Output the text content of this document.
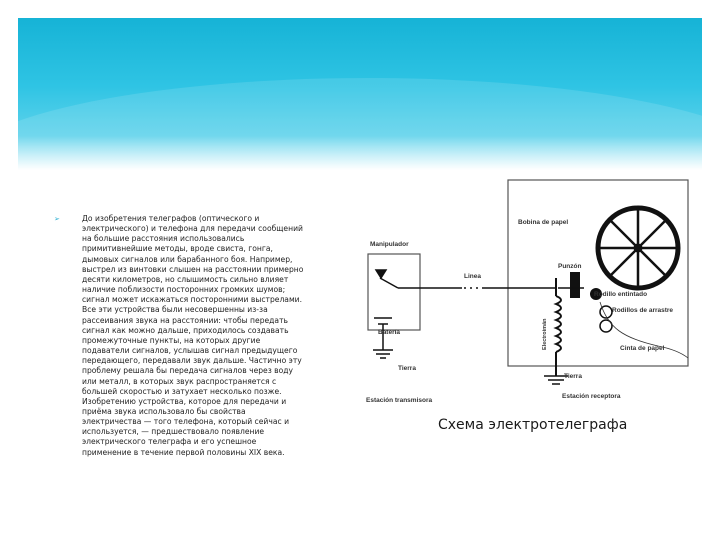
➢	До изобретения телеграфов (оптического и
электрического) и телефона для передачи сообщений
на большие расстояния использовались
примитивнейшие методы, вроде свиста, гонга,
дымовых сигналов или барабанного боя. Например,
выстрел из винтовки слышен на расстоянии примерно
десяти километров, но слышимость сильно влияет
наличие поблизости посторонних громких шумов;
сигнал может искажаться посторонними выстрелами.
Все эти устройства были несовершенны из-за
рассеивания звука на расстоянии: чтобы передать
сигнал как можно дальше, приходилось создавать
промежуточные пункты, на которых другие
подаватели сигналов, услышав сигнал предыдущего
передающего, передавали звук дальше. Частично эту
проблему решала бы передача сигналов через воду
или металл, в которых звук распространяется с
большей скоростью и затухает несколько позже.
Изобретению устройства, которое для передачи и
приёма звука использовало бы свойства
электричества — того телефона, который сейчас и
используется, — предшествовало появление
электрического телеграфа и его успешное
применение в течение первой половины XIX века.

Bobina de papel
Manipulador
Punzón
Linea
Rodillo entintado
Rodillos de arrastre
Electroimán
Batería
Cinta de papel
Tierra
Tierra
Estación transmisora
Estación receptora
Схема электротелеграфа
